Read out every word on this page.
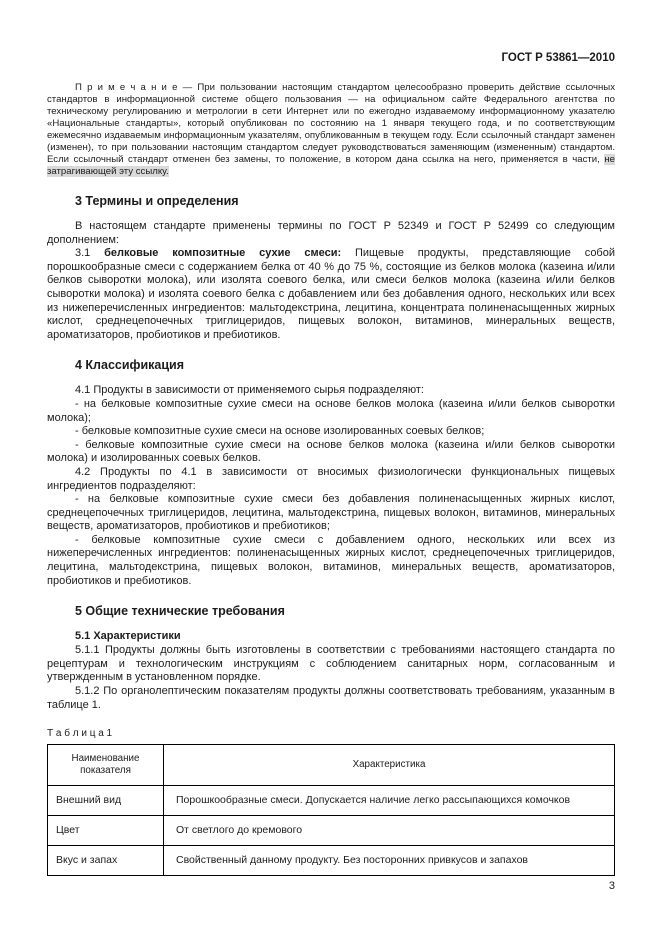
ГОСТ Р 53861—2010

П р и м е ч а н и е — При пользовании настоящим стандартом целесообразно проверить действие ссылочных стандартов в информационной системе общего пользования — на официальном сайте Федерального агентства по техническому регулированию и метрологии в сети Интернет или по ежегодно издаваемому информационному указателю «Национальные стандарты», который опубликован по состоянию на 1 января текущего года, и по соответствующим ежемесячно издаваемым информационным указателям, опубликованным в текущем году. Если ссылочный стандарт заменен (изменен), то при пользовании настоящим стандартом следует руководствоваться заменяющим (измененным) стандартом. Если ссылочный стандарт отменен без замены, то положение, в котором дана ссылка на него, применяется в части, не затрагивающей эту ссылку.

3 Термины и определения

В настоящем стандарте применены термины по ГОСТ Р 52349 и ГОСТ Р 52499 со следующим дополнением:

3.1 белковые композитные сухие смеси: Пищевые продукты, представляющие собой порошкообразные смеси с содержанием белка от 40 % до 75 %, состоящие из белков молока (казеина и/или белков сыворотки молока), или изолята соевого белка, или смеси белков молока (казеина и/или белков сыворотки молока) и изолята соевого белка с добавлением или без добавления одного, нескольких или всех из нижеперечисленных ингредиентов: мальтодекстрина, лецитина, концентрата полиненасыщенных жирных кислот, среднецепочечных триглицеридов, пищевых волокон, витаминов, минеральных веществ, ароматизаторов, пробиотиков и пребиотиков.

4 Классификация

4.1 Продукты в зависимости от применяемого сырья подразделяют:

- на белковые композитные сухие смеси на основе белков молока (казеина и/или белков сыворотки молока);

- белковые композитные сухие смеси на основе изолированных соевых белков;

- белковые композитные сухие смеси на основе белков молока (казеина и/или белков сыворотки молока) и изолированных соевых белков.

4.2 Продукты по 4.1 в зависимости от вносимых физиологически функциональных пищевых ингредиентов подразделяют:

- на белковые композитные сухие смеси без добавления полиненасыщенных жирных кислот, среднецепочечных триглицеридов, лецитина, мальтодекстрина, пищевых волокон, витаминов, минеральных веществ, ароматизаторов, пробиотиков и пребиотиков;

- белковые композитные сухие смеси с добавлением одного, нескольких или всех из нижеперечисленных ингредиентов: полиненасыщенных жирных кислот, среднецепочечных триглицеридов, лецитина, мальтодекстрина, пищевых волокон, витаминов, минеральных веществ, ароматизаторов, пробиотиков и пребиотиков.

5 Общие технические требования
5.1 Характеристики

5.1.1 Продукты должны быть изготовлены в соответствии с требованиями настоящего стандарта по рецептурам и технологическим инструкциям с соблюдением санитарных норм, согласованным и утвержденным в установленном порядке.

5.1.2 По органолептическим показателям продукты должны соответствовать требованиям, указанным в таблице 1.

Т а б л и ц а 1
Наименование показателя	Характеристика
Внешний вид	Порошкообразные смеси. Допускается наличие легко рассыпающихся комочков
Цвет	От светлого до кремового
Вкус и запах	Свойственный данному продукту. Без посторонних привкусов и запахов
3
